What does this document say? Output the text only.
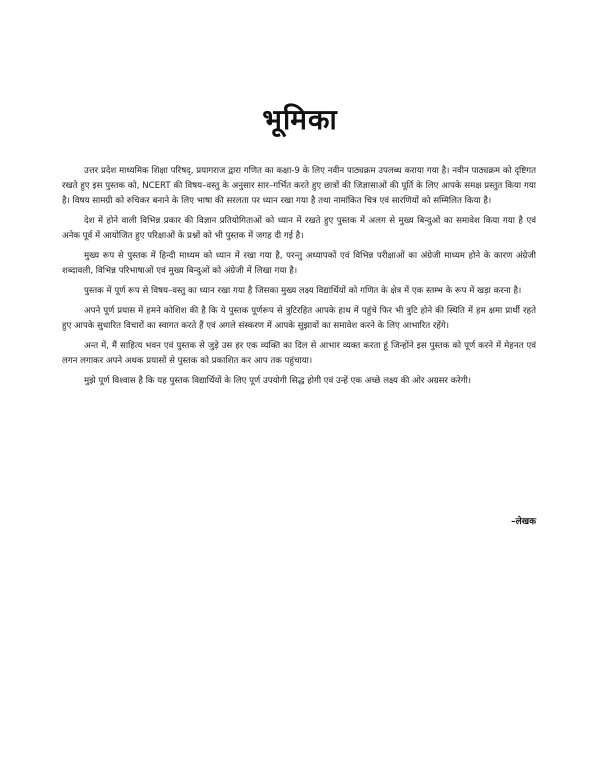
भूमिका

उत्तर प्रदेश माध्यमिक शिक्षा परिषद्, प्रयागराज द्वारा गणित का कक्षा-9 के लिए नवीन पाठ्यक्रम उपलब्ध कराया गया है। नवीन पाठ्यक्रम को दृष्टिगत रखते हुए इस पुस्तक को, NCERT की विषय–वस्तु के अनुसार सार–गर्भित करते हुए छात्रों की जिज्ञासाओं की पूर्ति के लिए आपके समक्ष प्रस्तुत किया गया है। विषय सामग्री को रुचिकर बनाने के लिए भाषा की सरलता पर ध्यान रखा गया है तथा नामांकित चित्र एवं सारणियों को सम्मिलित किया है।

देश में होने वाली विभिन्न प्रकार की विज्ञान प्रतियोगिताओं को ध्यान में रखते हुए पुस्तक में अलग से मुख्य बिन्दुओं का समावेश किया गया है एवं अनेक पूर्व में आयोजित हुए परिक्षाओं के प्रश्नों को भी पुस्तक में जगह दी गई है।

मुख्य रूप से पुस्तक में हिन्दी माध्यम को ध्यान में रखा गया है, परन्तु अध्यापकों एवं विभिन्न परीक्षाओं का अंग्रेजी माध्यम होने के कारण अंग्रेजी शब्दावली, विभिन्न परिभाषाओं एवं मुख्य बिन्दुओं को अंग्रेजी में लिखा गया है।

पुस्तक में पूर्ण रूप से विषय–वस्तु का ध्यान रखा गया है जिसका मुख्य लक्ष्य विद्यार्थियों को गणित के क्षेत्र में एक स्तम्भ के रूप में खड़ा करना है।

अपने पूर्ण प्रयास में हमने कोशिश की है कि ये पुस्तक पूर्णरूप से त्रुटिरहित आपके हाथ में पहुंचे फिर भी त्रुटि होने की स्थिति में हम क्षमा प्रार्थी रहते हुए आपके सुधारित विचारों का स्वागत करते हैं एवं अगले संस्करण में आपके सुझावों का समावेश करने के लिए आभारित रहेंगे।

अन्त में, मैं साहित्य भवन एवं पुस्तक से जुड़े उस हर एक व्यक्ति का दिल से आभार व्यक्त करता हूं जिन्होंने इस पुस्तक को पूर्ण करने में मेहनत एवं लगन लगाकर अपने अथक प्रयासों से पुस्तक को प्रकाशित कर आप तक पहुंचाया।

मुझे पूर्ण विश्वास है कि यह पुस्तक विद्यार्थियों के लिए पूर्ण उपयोगी सिद्ध होगी एवं उन्हें एक अच्छे लक्ष्य की ओर अग्रसर करेगी।

–लेखक
